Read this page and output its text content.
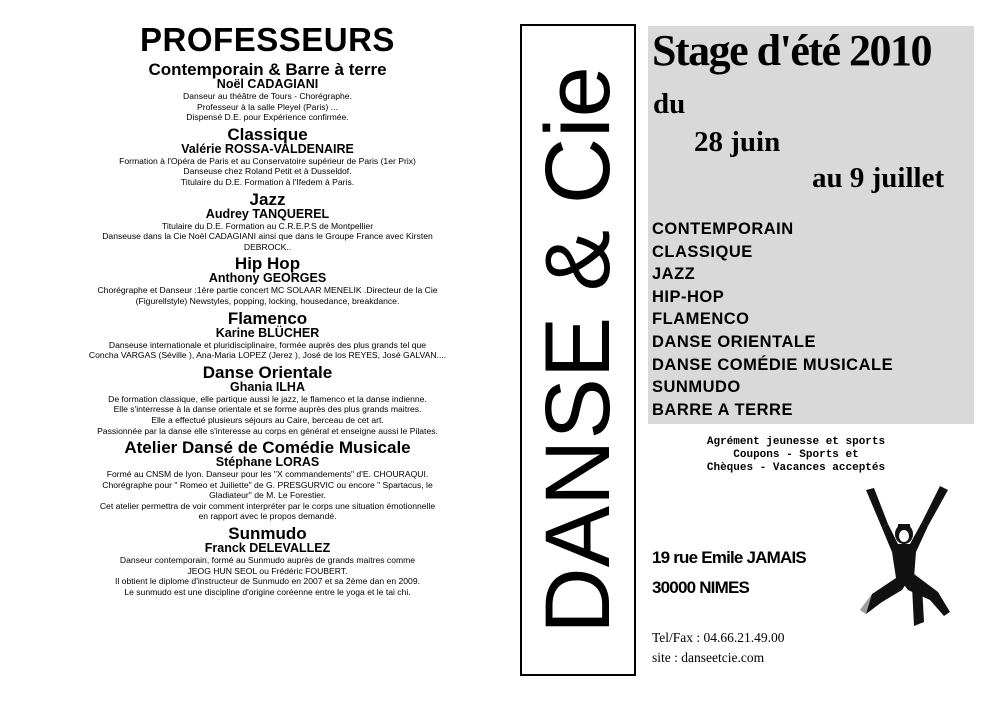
PROFESSEURS
Contemporain & Barre à terre
Noël CADAGIANI
Danseur au théâtre de Tours - Chorégraphe.
Professeur à la salle Pleyel (Paris) ...
Dispensé D.E. pour Expérience confirmée.
Classique
Valérie ROSSA-VALDENAIRE
Formation à l'Opéra de Paris et au Conservatoire supérieur de Paris (1er Prix)
Danseuse chez Roland Petit et à Dusseldof.
Titulaire du D.E. Formation à l'Ifedem à Paris.
Jazz
Audrey TANQUEREL
Titulaire du D.E. Formation au C.R.E.P.S de Montpellier
Danseuse dans la Cie Noël CADAGIANI ainsi que dans le Groupe France avec Kirsten
DEBROCK..
Hip Hop
Anthony GEORGES
Chorégraphe et Danseur :1ère partie concert MC SOLAAR MENELIK .Directeur de la Cie
(Figurellstyle) Newstyles, popping, locking, housedance, breakdance.
Flamenco
Karine BLÜCHER
Danseuse internationale et pluridisciplinaire, formée auprès des plus grands tel que
Concha VARGAS (Séville ), Ana-Maria LOPEZ (Jerez ), José de los REYES, José GALVAN....
Danse Orientale
Ghania ILHA
De formation classique, elle partique aussi le jazz, le flamenco et la danse indienne.
Elle s'interresse à la danse orientale et se forme auprès des plus grands maitres.
Elle a effectué plusieurs séjours au Caire, berceau de cet art.
Passionnée par la danse elle s'interesse au corps en général et enseigne aussi le Pilates.
Atelier Dansé de Comédie Musicale
Stéphane LORAS
Formé au CNSM de lyon. Danseur pour les "X commandements" d'E. CHOURAQUI.
Chorégraphe pour " Romeo et Juiliette" de G. PRESGURVIC ou encore " Spartacus, le
Gladiateur" de M. Le Forestier.
Cet atelier permettra de voir comment interpréter par le corps une situation émotionnelle
en rapport avec le propos demandé.
Sunmudo
Franck DELEVALLEZ
Danseur contemporain, formé au Sunmudo auprès de grands maitres comme
JEOG HUN SEOL ou Frédéric FOUBERT.
Il obtient le diplome d'instructeur de Sunmudo en 2007 et sa 2ème dan en 2009.
Le sunmudo est une discipline d'origine coréenne entre le yoga et le tai chi.	DANSE & Cie
Stage d'été 2010
du
28 juin
au 9 juillet
CONTEMPORAIN
CLASSIQUE
JAZZ
HIP-HOP
FLAMENCO
DANSE ORIENTALE
DANSE COMÉDIE MUSICALE
SUNMUDO
BARRE A TERRE
Agrément jeunesse et sports
Coupons - Sports et
Chèques - Vacances acceptés
19 rue Emile JAMAIS
30000 NIMES
Tel/Fax : 04.66.21.49.00
site : danseetcie.com
